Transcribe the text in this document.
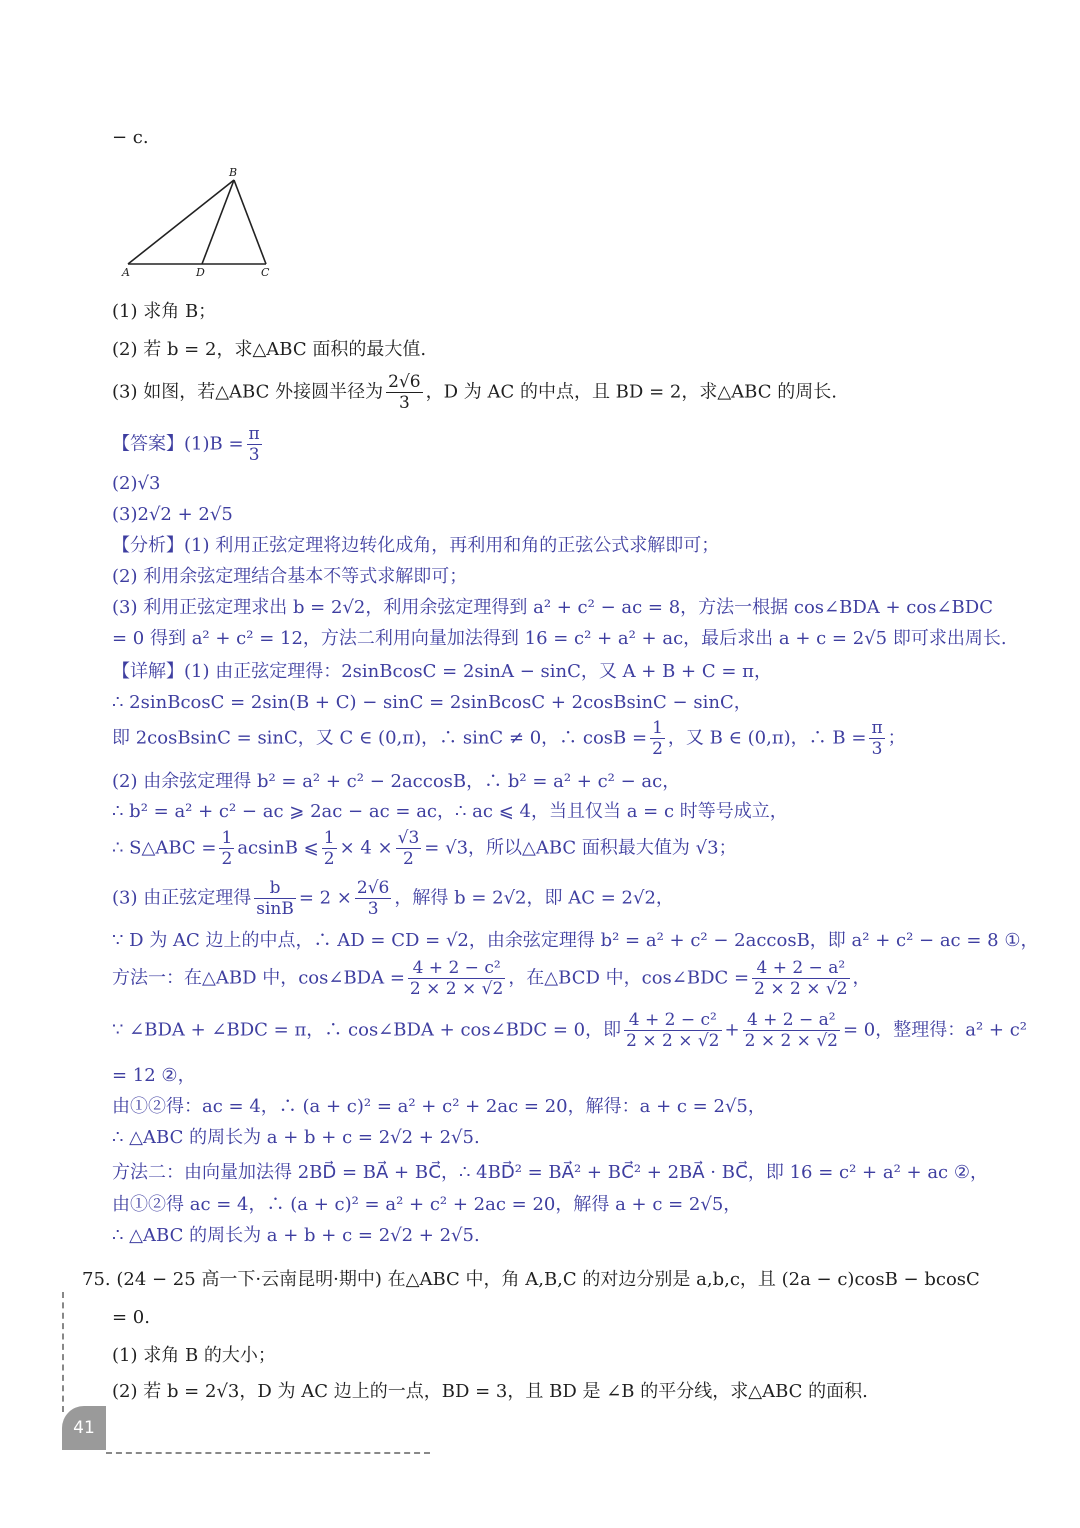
− c.
B
A	D	C
(1) 求角 B；
(2) 若 b = 2，求△ABC 面积的最大值.
(3) 如图，若△ABC 外接圆半径为 $\frac{2√6}{3}$ ，D 为 AC 的中点，且 BD = 2，求△ABC 的周长.
【答案】$(1)B = \frac{\pi}{3}$
(2)√3
(3)2√2 + 2√5
【分析】(1) 利用正弦定理将边转化成角，再利用和角的正弦公式求解即可；
(2) 利用余弦定理结合基本不等式求解即可；
(3) 利用正弦定理求出 b = 2√2，利用余弦定理得到 a² + c² − ac = 8，方法一根据 cos∠BDA + cos∠BDC
= 0 得到 a² + c² = 12，方法二利用向量加法得到 16 = c² + a² + ac，最后求出 a + c = 2√5 即可求出周长.
【详解】(1) 由正弦定理得：2sinBcosC = 2sinA − sinC，又 A + B + C = π，
∴ 2sinBcosC = 2sin(B + C) − sinC = 2sinBcosC + 2cosBsinC − sinC，
即 2cosBsinC = sinC，又 C ∈ (0,π)，∴ sinC ≠ 0，∴ $\cos B = \frac{1}{2}$ ，又 B ∈ (0,π)，∴ $B = \frac{\pi}{3}$ ；
(2) 由余弦定理得 b² = a² + c² − 2accosB，∴ b² = a² + c² − ac，
∴ b² = a² + c² − ac ⩾ 2ac − ac = ac，∴ ac ⩽ 4，当且仅当 a = c 时等号成立，
∴ S△ABC = $\frac{1}{2}$ acsinB ⩽ $\frac{1}{2} \times 4 \times \frac{√3}{2} = √3$，所以△ABC 面积最大值为 √3；
(3) 由正弦定理得 $\frac{b}{\sin B} = 2 \times \frac{2√6}{3}$ ，解得 b = 2√2，即 AC = 2√2，
∵ D 为 AC 边上的中点，∴ AD = CD = √2，由余弦定理得 b² = a² + c² − 2accosB，即 a² + c² − ac = 8 ①，
方法一：在△ABD 中，cos∠BDA = $\frac{\text{4 + 2 − c²}}{2 \times 2 \times √2}$ ，在△BCD 中，cos∠BDC = $\frac{\text{4 + 2 − a²}}{2 \times 2 \times √2}$ ，
∵ ∠BDA + ∠BDC = π，∴ cos∠BDA + cos∠BDC = 0，即 $\frac{\text{4 + 2 − c²}}{2 \times 2 \times √2} + \frac{\text{4 + 2 − a²}}{2 \times 2 \times √2} = 0$，整理得：a² + c²
= 12 ②，
由①②得：ac = 4，∴ (a + c)² = a² + c² + 2ac = 20，解得：a + c = 2√5，
∴ △ABC 的周长为 a + b + c = 2√2 + 2√5.
方法二：由向量加法得 2BD⃗ = BA⃗ + BC⃗，∴ 4BD⃗² = BA⃗² + BC⃗² + 2BA⃗ · BC⃗，即 16 = c² + a² + ac ②，
由①②得 ac = 4，∴ (a + c)² = a² + c² + 2ac = 20，解得 a + c = 2√5，
∴ △ABC 的周长为 a + b + c = 2√2 + 2√5.
75. (24 − 25 高一下·云南昆明·期中) 在△ABC 中，角 A,B,C 的对边分别是 a,b,c，且 (2a − c)cosB − bcosC
= 0.
(1) 求角 B 的大小；
(2) 若 b = 2√3，D 为 AC 边上的一点，BD = 3，且 BD 是 ∠B 的平分线，求△ABC 的面积.
41
